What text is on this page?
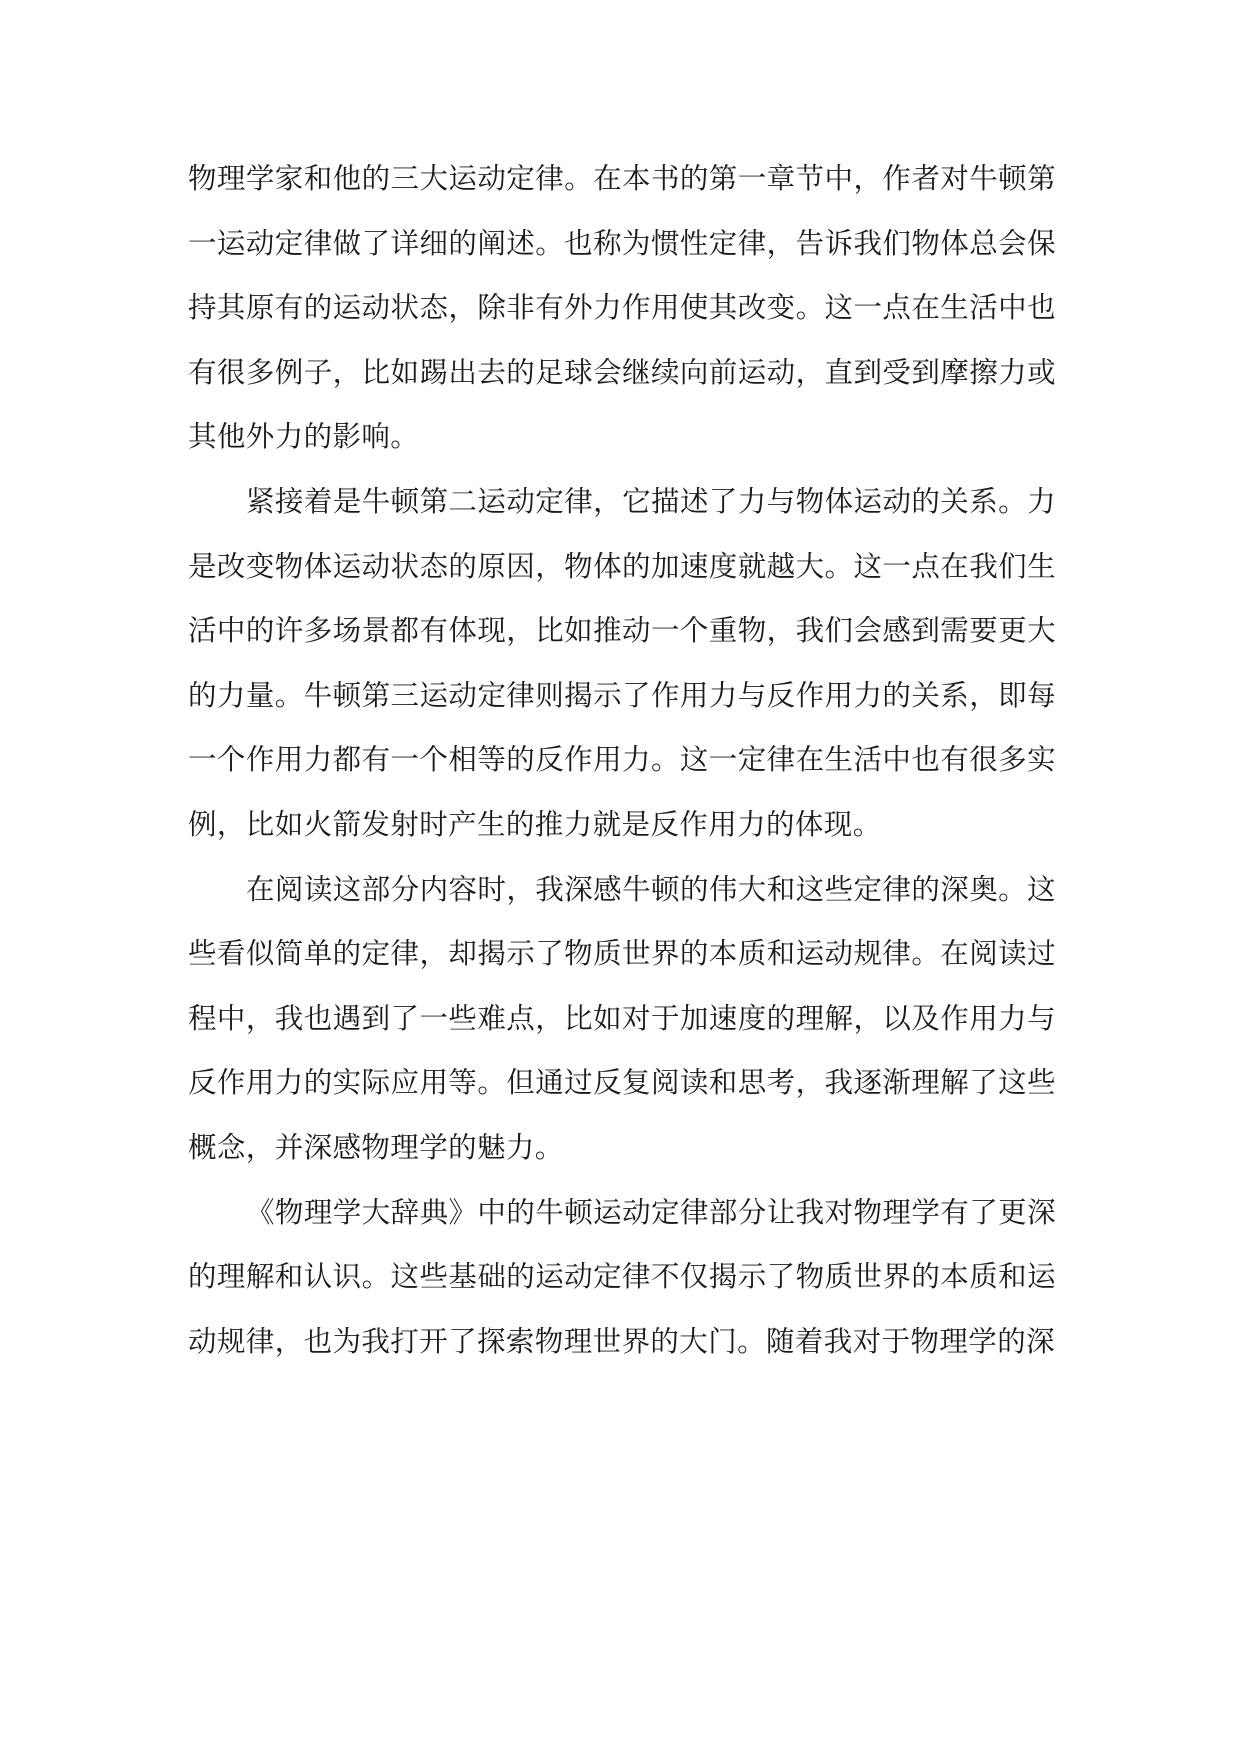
物理学家和他的三大运动定律。在本书的第一章节中，作者对牛顿第一运动定律做了详细的阐述。也称为惯性定律，告诉我们物体总会保持其原有的运动状态，除非有外力作用使其改变。这一点在生活中也有很多例子，比如踢出去的足球会继续向前运动，直到受到摩擦力或其他外力的影响。

紧接着是牛顿第二运动定律，它描述了力与物体运动的关系。力是改变物体运动状态的原因，物体的加速度就越大。这一点在我们生活中的许多场景都有体现，比如推动一个重物，我们会感到需要更大的力量。牛顿第三运动定律则揭示了作用力与反作用力的关系，即每一个作用力都有一个相等的反作用力。这一定律在生活中也有很多实例，比如火箭发射时产生的推力就是反作用力的体现。

在阅读这部分内容时，我深感牛顿的伟大和这些定律的深奥。这些看似简单的定律，却揭示了物质世界的本质和运动规律。在阅读过程中，我也遇到了一些难点，比如对于加速度的理解，以及作用力与反作用力的实际应用等。但通过反复阅读和思考，我逐渐理解了这些概念，并深感物理学的魅力。

《物理学大辞典》中的牛顿运动定律部分让我对物理学有了更深的理解和认识。这些基础的运动定律不仅揭示了物质世界的本质和运动规律，也为我打开了探索物理世界的大门。随着我对于物理学的深
